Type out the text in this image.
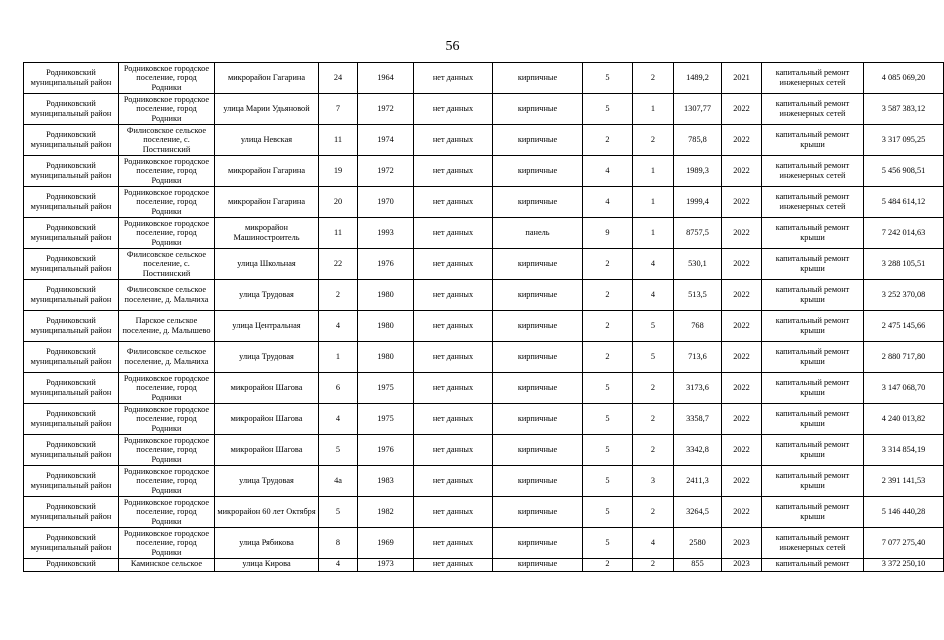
56
Родниковский муниципальный район	Родниковское городское поселение, город Родники	микрорайон Гагарина	24	1964	нет данных	кирпичные	5	2	1489,2	2021	капитальный ремонт инженерных сетей	4 085 069,20
Родниковский муниципальный район	Родниковское городское поселение, город Родники	улица Марии Удьяновой	7	1972	нет данных	кирпичные	5	1	1307,77	2022	капитальный ремонт инженерных сетей	3 587 383,12
Родниковский муниципальный район	Филисовское сельское поселение, с. Постнинский	улица Невская	11	1974	нет данных	кирпичные	2	2	785,8	2022	капитальный ремонт крыши	3 317 095,25
Родниковский муниципальный район	Родниковское городское поселение, город Родники	микрорайон Гагарина	19	1972	нет данных	кирпичные	4	1	1989,3	2022	капитальный ремонт инженерных сетей	5 456 908,51
Родниковский муниципальный район	Родниковское городское поселение, город Родники	микрорайон Гагарина	20	1970	нет данных	кирпичные	4	1	1999,4	2022	капитальный ремонт инженерных сетей	5 484 614,12
Родниковский муниципальный район	Родниковское городское поселение, город Родники	микрорайон Машиностроитель	11	1993	нет данных	панель	9	1	8757,5	2022	капитальный ремонт крыши	7 242 014,63
Родниковский муниципальный район	Филисовское сельское поселение, с. Постнинский	улица Школьная	22	1976	нет данных	кирпичные	2	4	530,1	2022	капитальный ремонт крыши	3 288 105,51
Родниковский муниципальный район	Филисовское сельское поселение, д. Мальчиха	улица Трудовая	2	1980	нет данных	кирпичные	2	4	513,5	2022	капитальный ремонт крыши	3 252 370,08
Родниковский муниципальный район	Парское сельское поселение, д. Малышево	улица Центральная	4	1980	нет данных	кирпичные	2	5	768	2022	капитальный ремонт крыши	2 475 145,66
Родниковский муниципальный район	Филисовское сельское поселение, д. Мальчиха	улица Трудовая	1	1980	нет данных	кирпичные	2	5	713,6	2022	капитальный ремонт крыши	2 880 717,80
Родниковский муниципальный район	Родниковское городское поселение, город Родники	микрорайон Шагова	6	1975	нет данных	кирпичные	5	2	3173,6	2022	капитальный ремонт крыши	3 147 068,70
Родниковский муниципальный район	Родниковское городское поселение, город Родники	микрорайон Шагова	4	1975	нет данных	кирпичные	5	2	3358,7	2022	капитальный ремонт крыши	4 240 013,82
Родниковский муниципальный район	Родниковское городское поселение, город Родники	микрорайон Шагова	5	1976	нет данных	кирпичные	5	2	3342,8	2022	капитальный ремонт крыши	3 314 854,19
Родниковский муниципальный район	Родниковское городское поселение, город Родники	улица Трудовая	4а	1983	нет данных	кирпичные	5	3	2411,3	2022	капитальный ремонт крыши	2 391 141,53
Родниковский муниципальный район	Родниковское городское поселение, город Родники	микрорайон 60 лет Октября	5	1982	нет данных	кирпичные	5	2	3264,5	2022	капитальный ремонт крыши	5 146 440,28
Родниковский муниципальный район	Родниковское городское поселение, город Родники	улица Рябикова	8	1969	нет данных	кирпичные	5	4	2580	2023	капитальный ремонт инженерных сетей	7 077 275,40
Родниковский	Каминское сельское	улица Кирова	4	1973	нет данных	кирпичные	2	2	855	2023	капитальный ремонт	3 372 250,10
